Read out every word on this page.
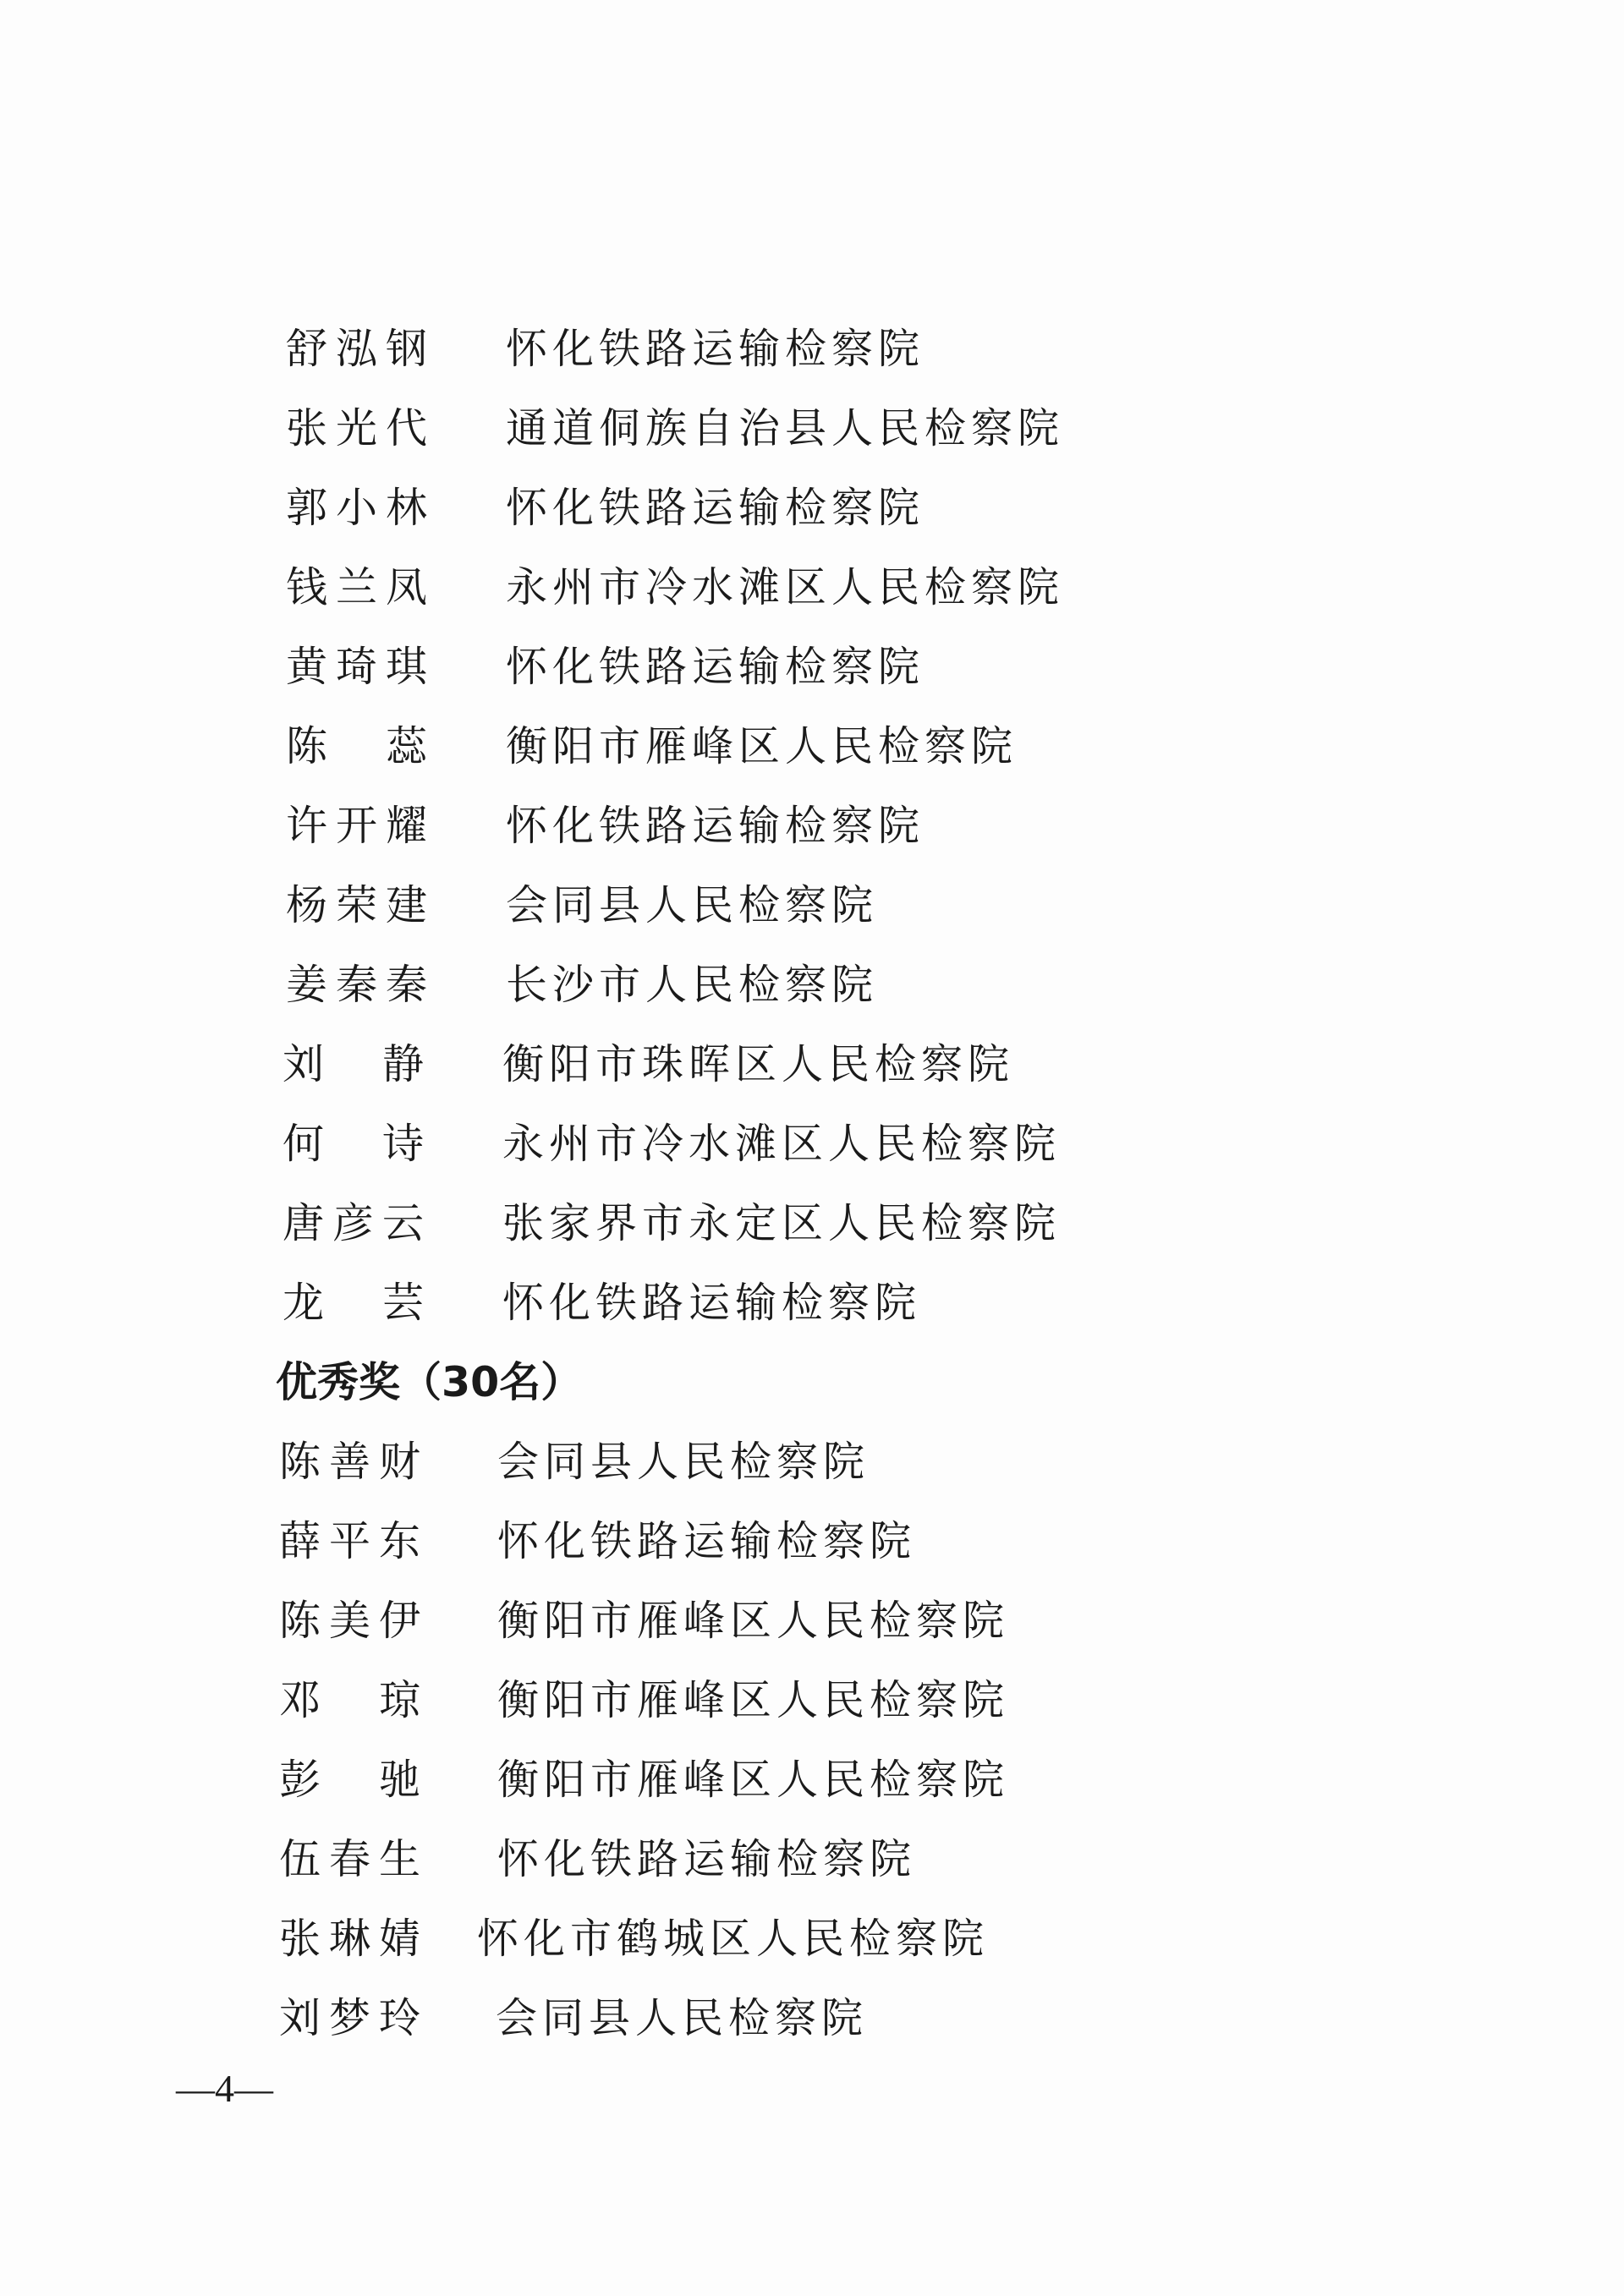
舒泓钢 怀化铁路运输检察院
张光代 通道侗族自治县人民检察院
郭小林 怀化铁路运输检察院
钱兰凤 永州市冷水滩区人民检察院
黄琦琪 怀化铁路运输检察院
陈　蕊 衡阳市雁峰区人民检察院
许开耀 怀化铁路运输检察院
杨荣建 会同县人民检察院
姜秦秦 长沙市人民检察院
刘　静 衡阳市珠晖区人民检察院
何　诗 永州市冷水滩区人民检察院
唐彦云 张家界市永定区人民检察院
龙　芸 怀化铁路运输检察院
优秀奖（30名）
陈善财 会同县人民检察院
薛平东 怀化铁路运输检察院
陈美伊 衡阳市雁峰区人民检察院
邓　琼 衡阳市雁峰区人民检察院
彭　驰 衡阳市雁峰区人民检察院
伍春生 怀化铁路运输检察院
张琳婧 怀化市鹤城区人民检察院
刘梦玲 会同县人民检察院
—4—
